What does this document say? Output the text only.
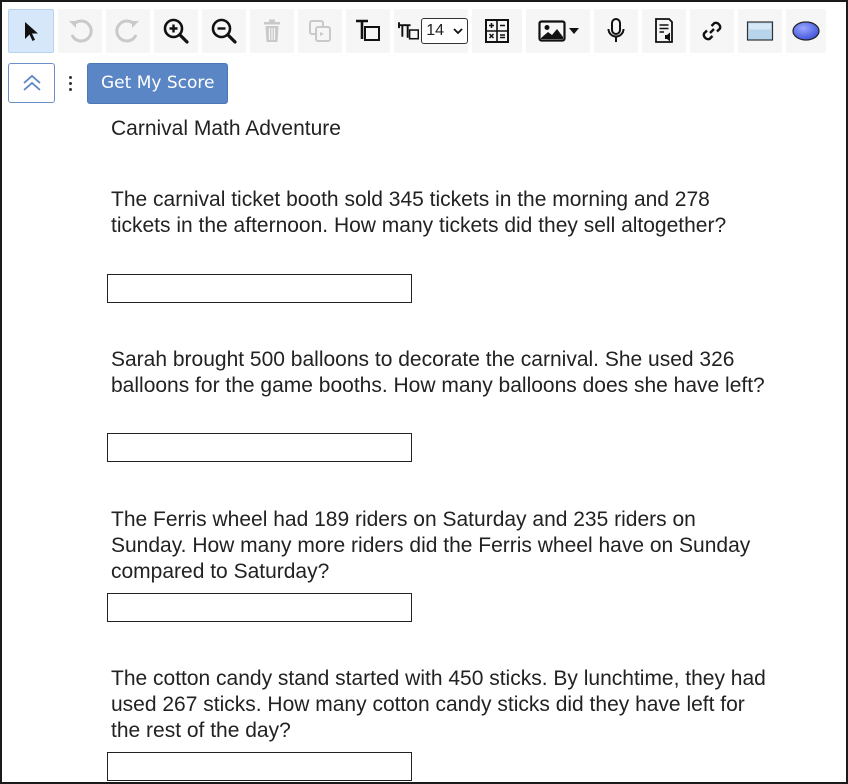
14
Get My Score
Carnival Math Adventure
The carnival ticket booth sold 345 tickets in the morning and 278 tickets in the afternoon. How many tickets did they sell altogether?
Sarah brought 500 balloons to decorate the carnival. She used 326 balloons for the game booths. How many balloons does she have left?
The Ferris wheel had 189 riders on Saturday and 235 riders on Sunday. How many more riders did the Ferris wheel have on Sunday compared to Saturday?
The cotton candy stand started with 450 sticks. By lunchtime, they had used 267 sticks. How many cotton candy sticks did they have left for the rest of the day?
